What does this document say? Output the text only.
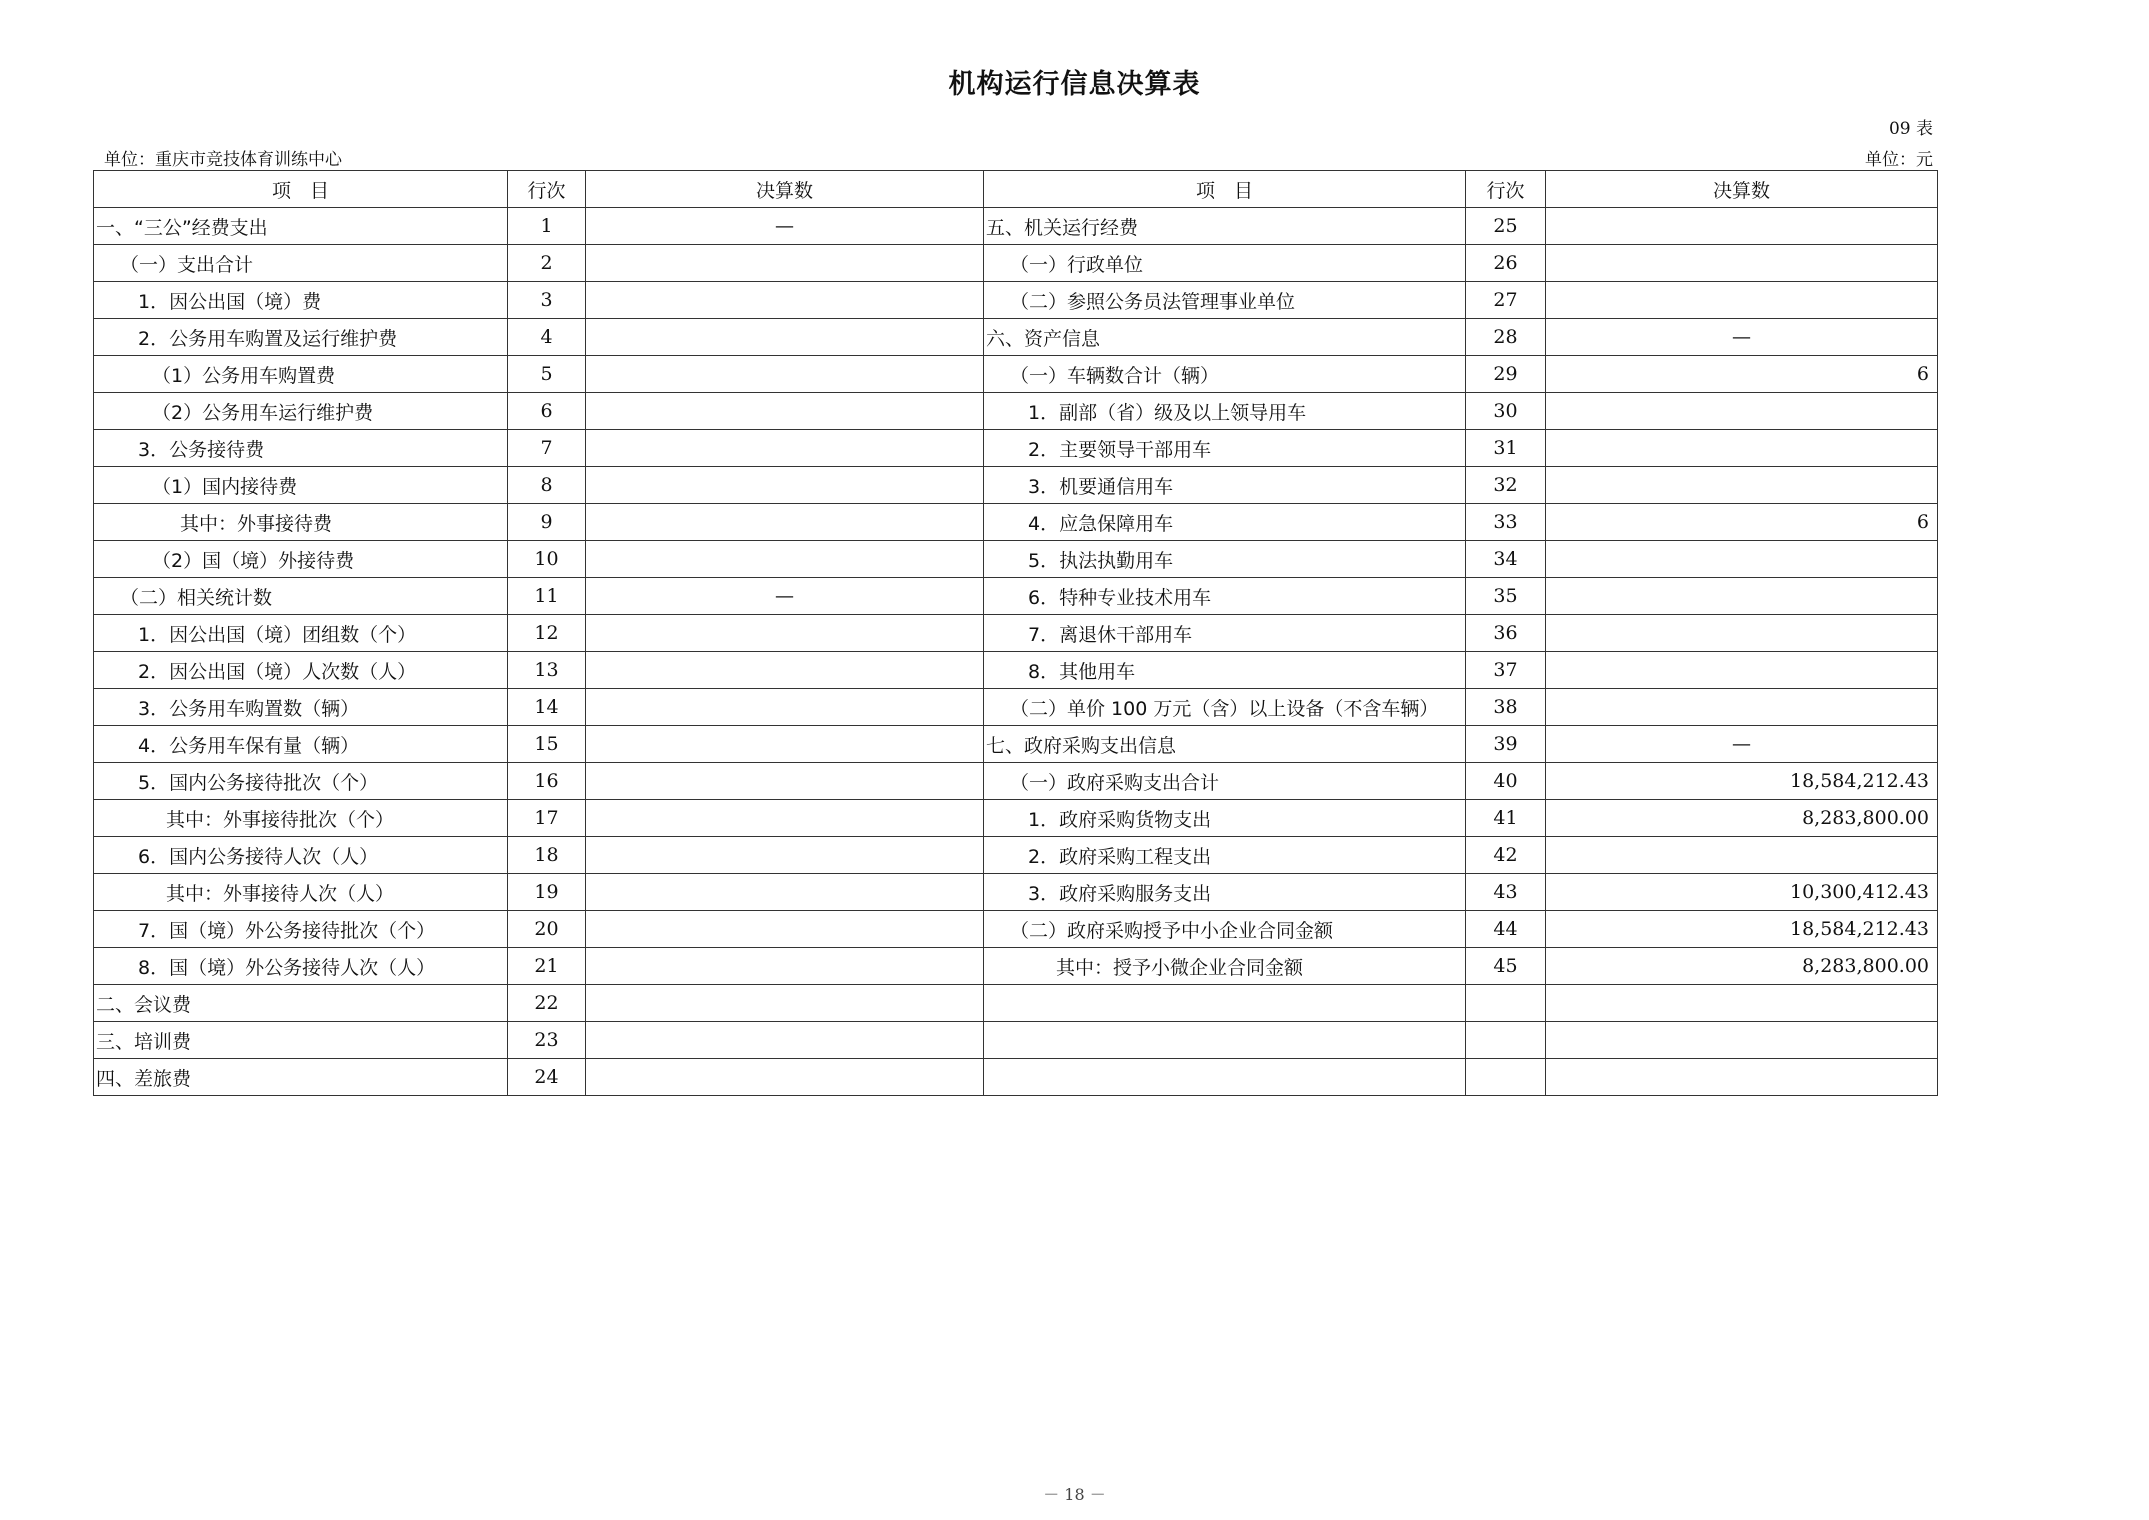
机构运行信息决算表
09 表
单位：重庆市竞技体育训练中心	单位：元
项　目	行次	决算数	项　目	行次	决算数
一、“三公”经费支出	1	—	五、机关运行经费	25	
（一）支出合计	2		（一）行政单位	26	
1．因公出国（境）费	3		（二）参照公务员法管理事业单位	27	
2．公务用车购置及运行维护费	4		六、资产信息	28	—
（1）公务用车购置费	5		（一）车辆数合计（辆）	29	6
（2）公务用车运行维护费	6		1．副部（省）级及以上领导用车	30	
3．公务接待费	7		2．主要领导干部用车	31	
（1）国内接待费	8		3．机要通信用车	32	
其中：外事接待费	9		4．应急保障用车	33	6
（2）国（境）外接待费	10		5．执法执勤用车	34	
（二）相关统计数	11	—	6．特种专业技术用车	35	
1．因公出国（境）团组数（个）	12		7．离退休干部用车	36	
2．因公出国（境）人次数（人）	13		8．其他用车	37	
3．公务用车购置数（辆）	14		（二）单价 100 万元（含）以上设备（不含车辆）	38	
4．公务用车保有量（辆）	15		七、政府采购支出信息	39	—
5．国内公务接待批次（个）	16		（一）政府采购支出合计	40	18,584,212.43
其中：外事接待批次（个）	17		1．政府采购货物支出	41	8,283,800.00
6．国内公务接待人次（人）	18		2．政府采购工程支出	42	
其中：外事接待人次（人）	19		3．政府采购服务支出	43	10,300,412.43
7．国（境）外公务接待批次（个）	20		（二）政府采购授予中小企业合同金额	44	18,584,212.43
8．国（境）外公务接待人次（人）	21		其中：授予小微企业合同金额	45	8,283,800.00
二、会议费	22				
三、培训费	23				
四、差旅费	24				
－ 18 －
